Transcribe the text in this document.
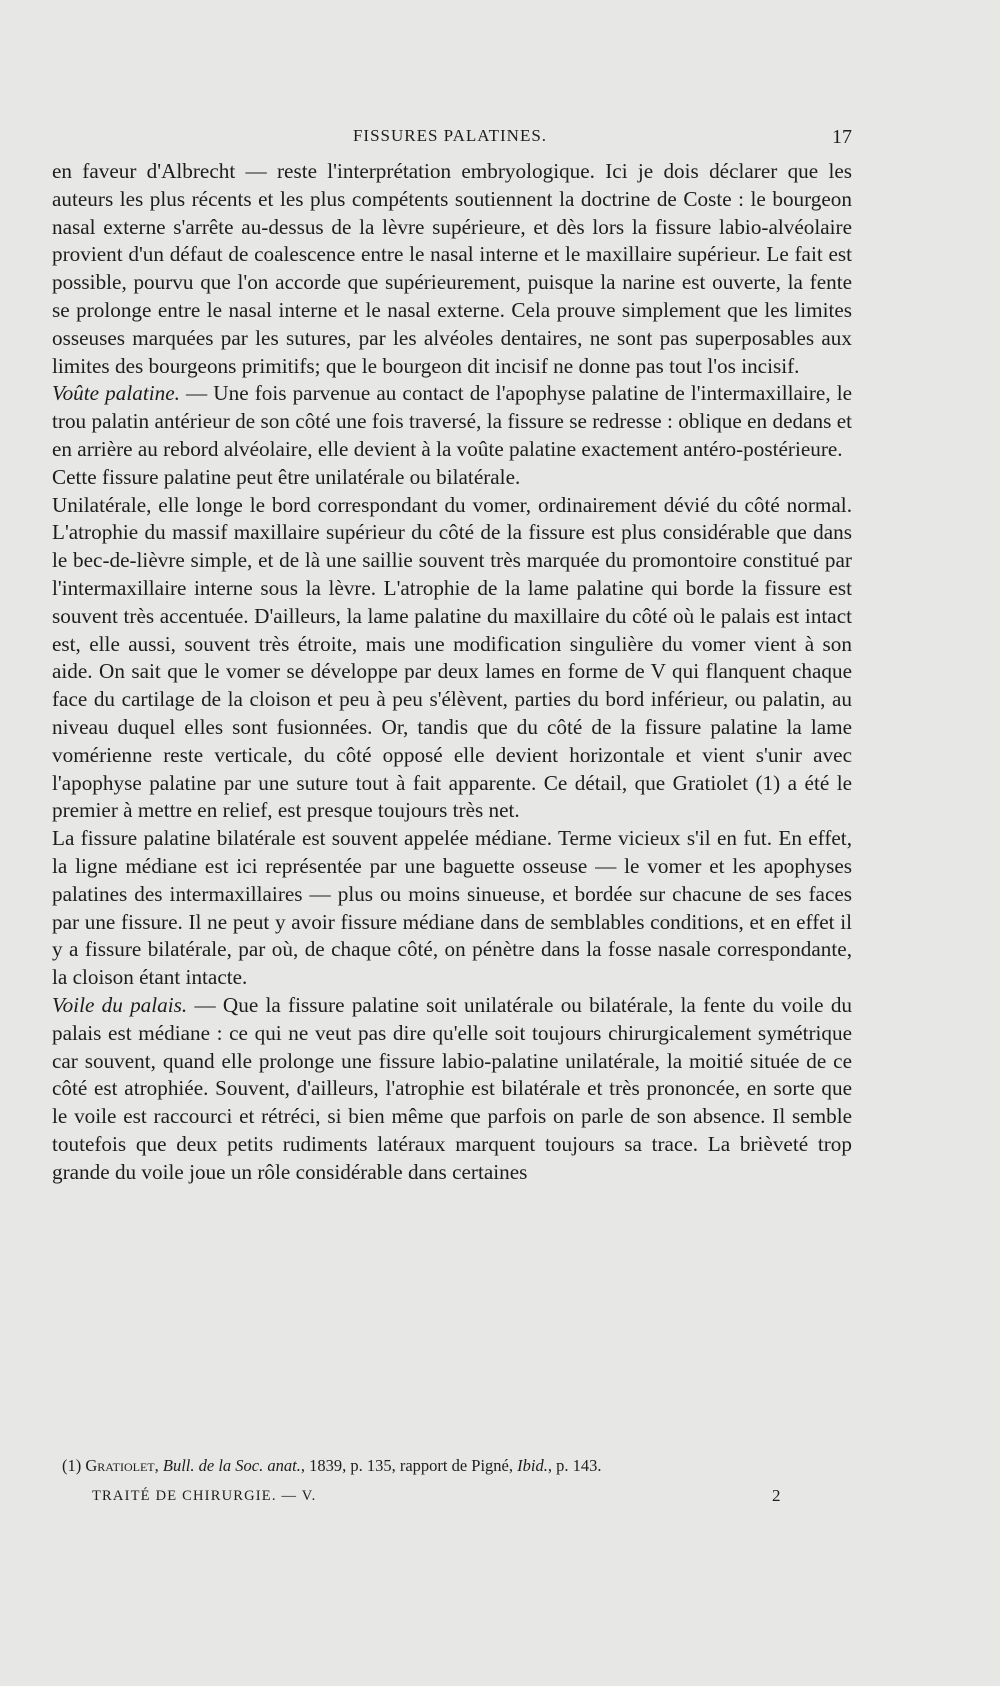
FISSURES PALATINES.	17

en faveur d'Albrecht — reste l'interprétation embryologique. Ici je dois déclarer que les auteurs les plus récents et les plus compétents soutiennent la doctrine de Coste : le bourgeon nasal externe s'arrête au-dessus de la lèvre supérieure, et dès lors la fissure labio-alvéolaire provient d'un défaut de coalescence entre le nasal interne et le maxillaire supérieur. Le fait est possible, pourvu que l'on accorde que supérieurement, puisque la narine est ouverte, la fente se prolonge entre le nasal interne et le nasal externe. Cela prouve simplement que les limites osseuses marquées par les sutures, par les alvéoles dentaires, ne sont pas superposables aux limites des bourgeons primitifs; que le bourgeon dit incisif ne donne pas tout l'os incisif.

Voûte palatine. — Une fois parvenue au contact de l'apophyse palatine de l'intermaxillaire, le trou palatin antérieur de son côté une fois traversé, la fissure se redresse : oblique en dedans et en arrière au rebord alvéolaire, elle devient à la voûte palatine exactement antéro-postérieure.

Cette fissure palatine peut être unilatérale ou bilatérale.

Unilatérale, elle longe le bord correspondant du vomer, ordinairement dévié du côté normal. L'atrophie du massif maxillaire supérieur du côté de la fissure est plus considérable que dans le bec-de-lièvre simple, et de là une saillie souvent très marquée du promontoire constitué par l'intermaxillaire interne sous la lèvre. L'atrophie de la lame palatine qui borde la fissure est souvent très accentuée. D'ailleurs, la lame palatine du maxillaire du côté où le palais est intact est, elle aussi, souvent très étroite, mais une modification singulière du vomer vient à son aide. On sait que le vomer se développe par deux lames en forme de V qui flanquent chaque face du cartilage de la cloison et peu à peu s'élèvent, parties du bord inférieur, ou palatin, au niveau duquel elles sont fusionnées. Or, tandis que du côté de la fissure palatine la lame vomérienne reste verticale, du côté opposé elle devient horizontale et vient s'unir avec l'apophyse palatine par une suture tout à fait apparente. Ce détail, que Gratiolet (1) a été le premier à mettre en relief, est presque toujours très net.

La fissure palatine bilatérale est souvent appelée médiane. Terme vicieux s'il en fut. En effet, la ligne médiane est ici représentée par une baguette osseuse — le vomer et les apophyses palatines des intermaxillaires — plus ou moins sinueuse, et bordée sur chacune de ses faces par une fissure. Il ne peut y avoir fissure médiane dans de semblables conditions, et en effet il y a fissure bilatérale, par où, de chaque côté, on pénètre dans la fosse nasale correspondante, la cloison étant intacte.

Voile du palais. — Que la fissure palatine soit unilatérale ou bilatérale, la fente du voile du palais est médiane : ce qui ne veut pas dire qu'elle soit toujours chirurgicalement symétrique car souvent, quand elle prolonge une fissure labio-palatine unilatérale, la moitié située de ce côté est atrophiée. Souvent, d'ailleurs, l'atrophie est bilatérale et très prononcée, en sorte que le voile est raccourci et rétréci, si bien même que parfois on parle de son absence. Il semble toutefois que deux petits rudiments latéraux marquent toujours sa trace. La brièveté trop grande du voile joue un rôle considérable dans certaines

(1) Gratiolet, Bull. de la Soc. anat., 1839, p. 135, rapport de Pigné, Ibid., p. 143.
TRAITÉ DE CHIRURGIE. — V.	2
